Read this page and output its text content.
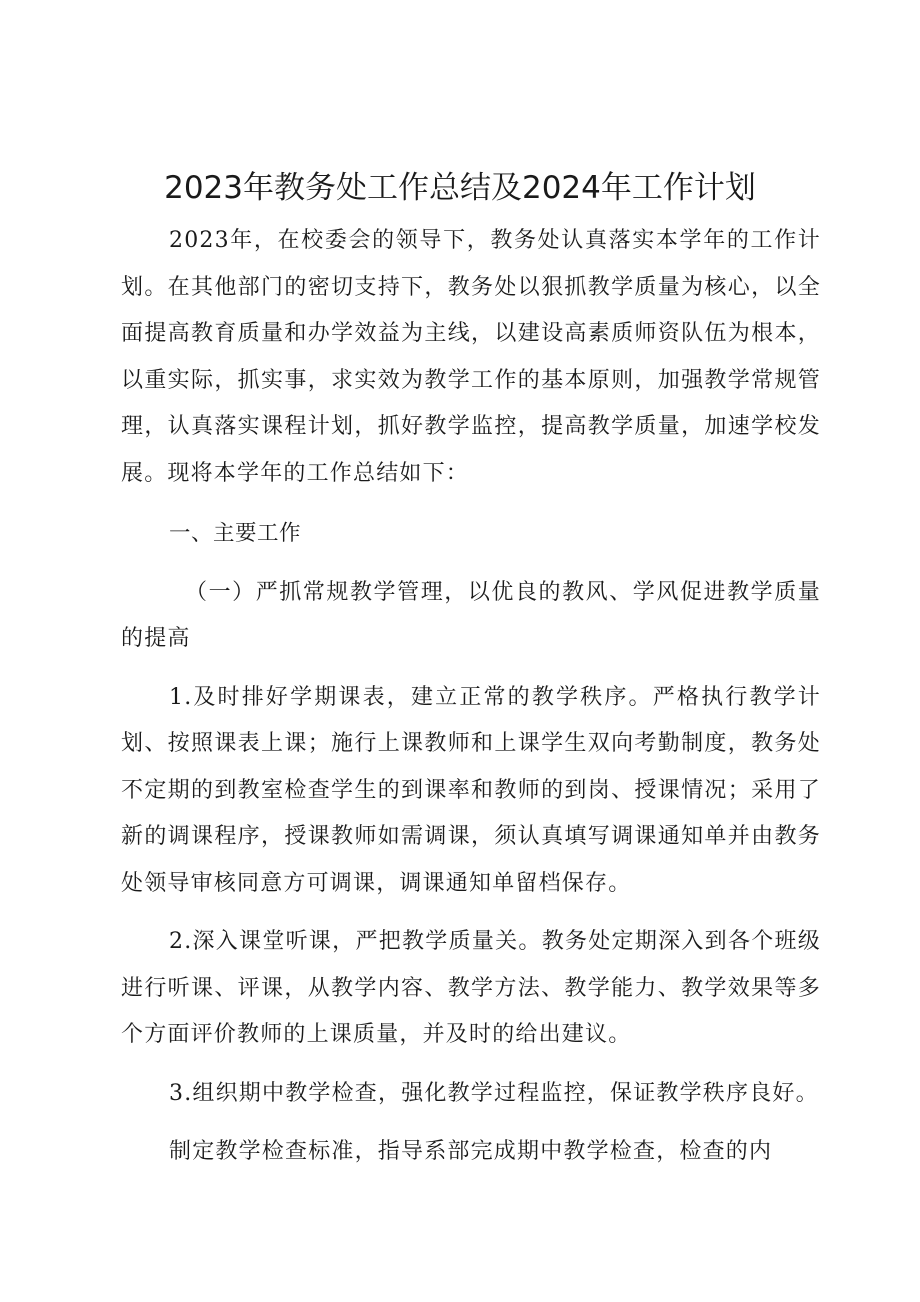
2023年教务处工作总结及2024年工作计划

2023年，在校委会的领导下，教务处认真落实本学年的工作计划。在其他部门的密切支持下，教务处以狠抓教学质量为核心，以全面提高教育质量和办学效益为主线，以建设高素质师资队伍为根本，以重实际，抓实事，求实效为教学工作的基本原则，加强教学常规管理，认真落实课程计划，抓好教学监控，提高教学质量，加速学校发展。现将本学年的工作总结如下：

一、主要工作

（一）严抓常规教学管理，以优良的教风、学风促进教学质量的提高

1.及时排好学期课表，建立正常的教学秩序。严格执行教学计划、按照课表上课；施行上课教师和上课学生双向考勤制度，教务处不定期的到教室检查学生的到课率和教师的到岗、授课情况；采用了新的调课程序，授课教师如需调课，须认真填写调课通知单并由教务处领导审核同意方可调课，调课通知单留档保存。

2.深入课堂听课，严把教学质量关。教务处定期深入到各个班级进行听课、评课，从教学内容、教学方法、教学能力、教学效果等多个方面评价教师的上课质量，并及时的给出建议。

3.组织期中教学检查，强化教学过程监控，保证教学秩序良好。

制定教学检查标准，指导系部完成期中教学检查，检查的内
